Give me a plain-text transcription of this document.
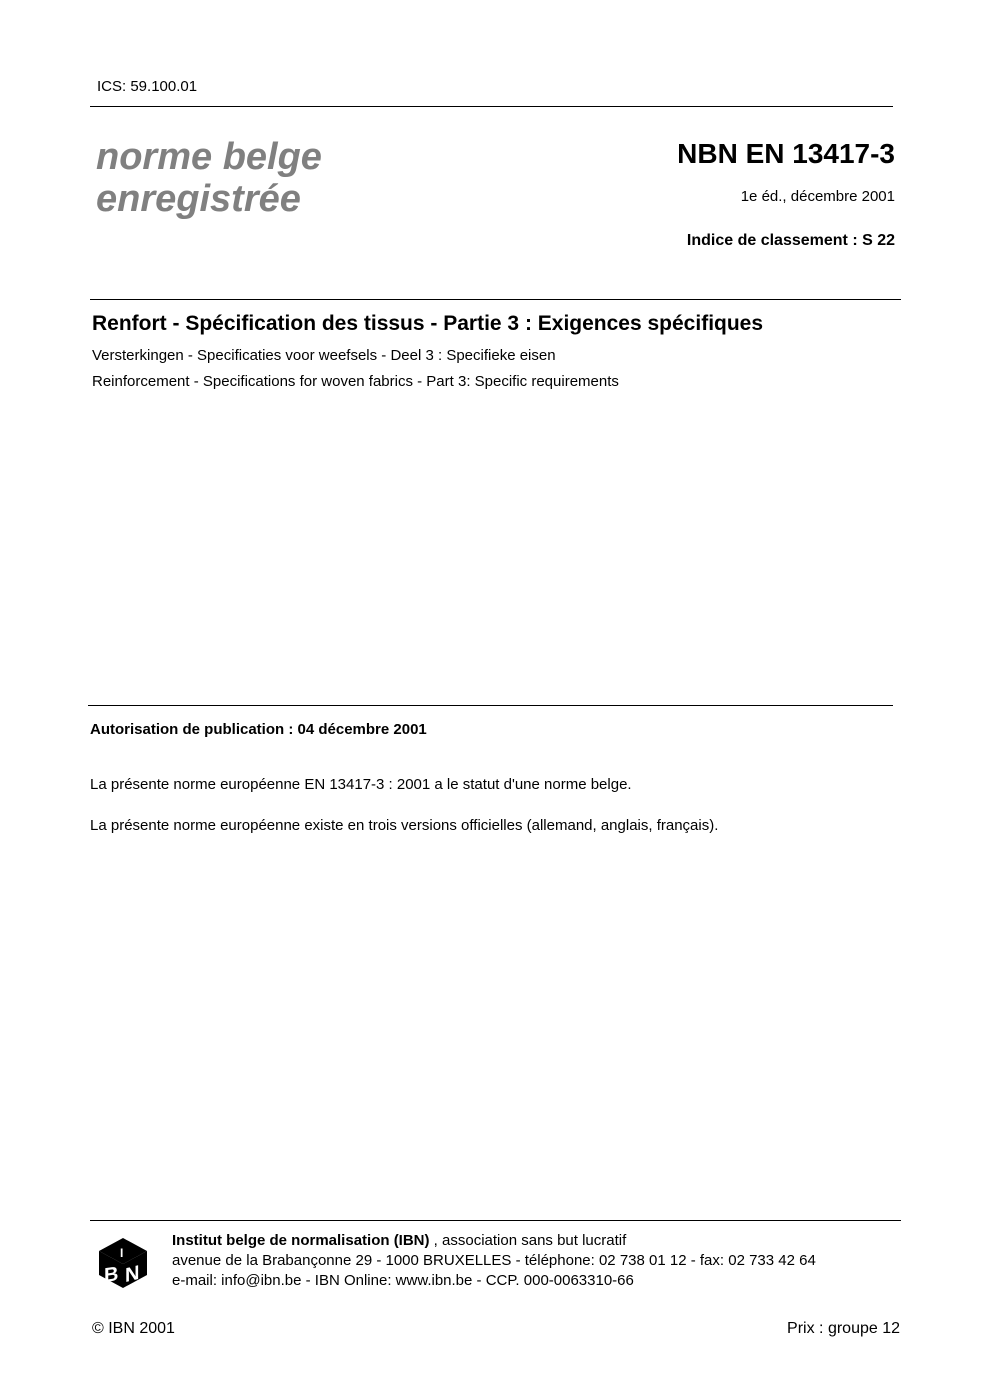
ICS: 59.100.01
norme belge
enregistrée
NBN EN 13417-3
1e éd., décembre 2001
Indice de classement : S 22
Renfort - Spécification des tissus - Partie 3 : Exigences spécifiques
Versterkingen - Specificaties voor weefsels - Deel 3 : Specifieke eisen
Reinforcement - Specifications for woven fabrics - Part 3: Specific requirements
Autorisation de publication : 04 décembre 2001
La présente norme européenne EN 13417-3 : 2001 a le statut d'une norme belge.
La présente norme européenne existe en trois versions officielles (allemand, anglais, français).
B N
I
Institut belge de normalisation (IBN) , association sans but lucratif
avenue de la Brabançonne 29 - 1000 BRUXELLES - téléphone: 02 738 01 12 - fax: 02 733 42 64
e-mail: info@ibn.be - IBN Online: www.ibn.be - CCP. 000-0063310-66
© IBN 2001	Prix : groupe 12
